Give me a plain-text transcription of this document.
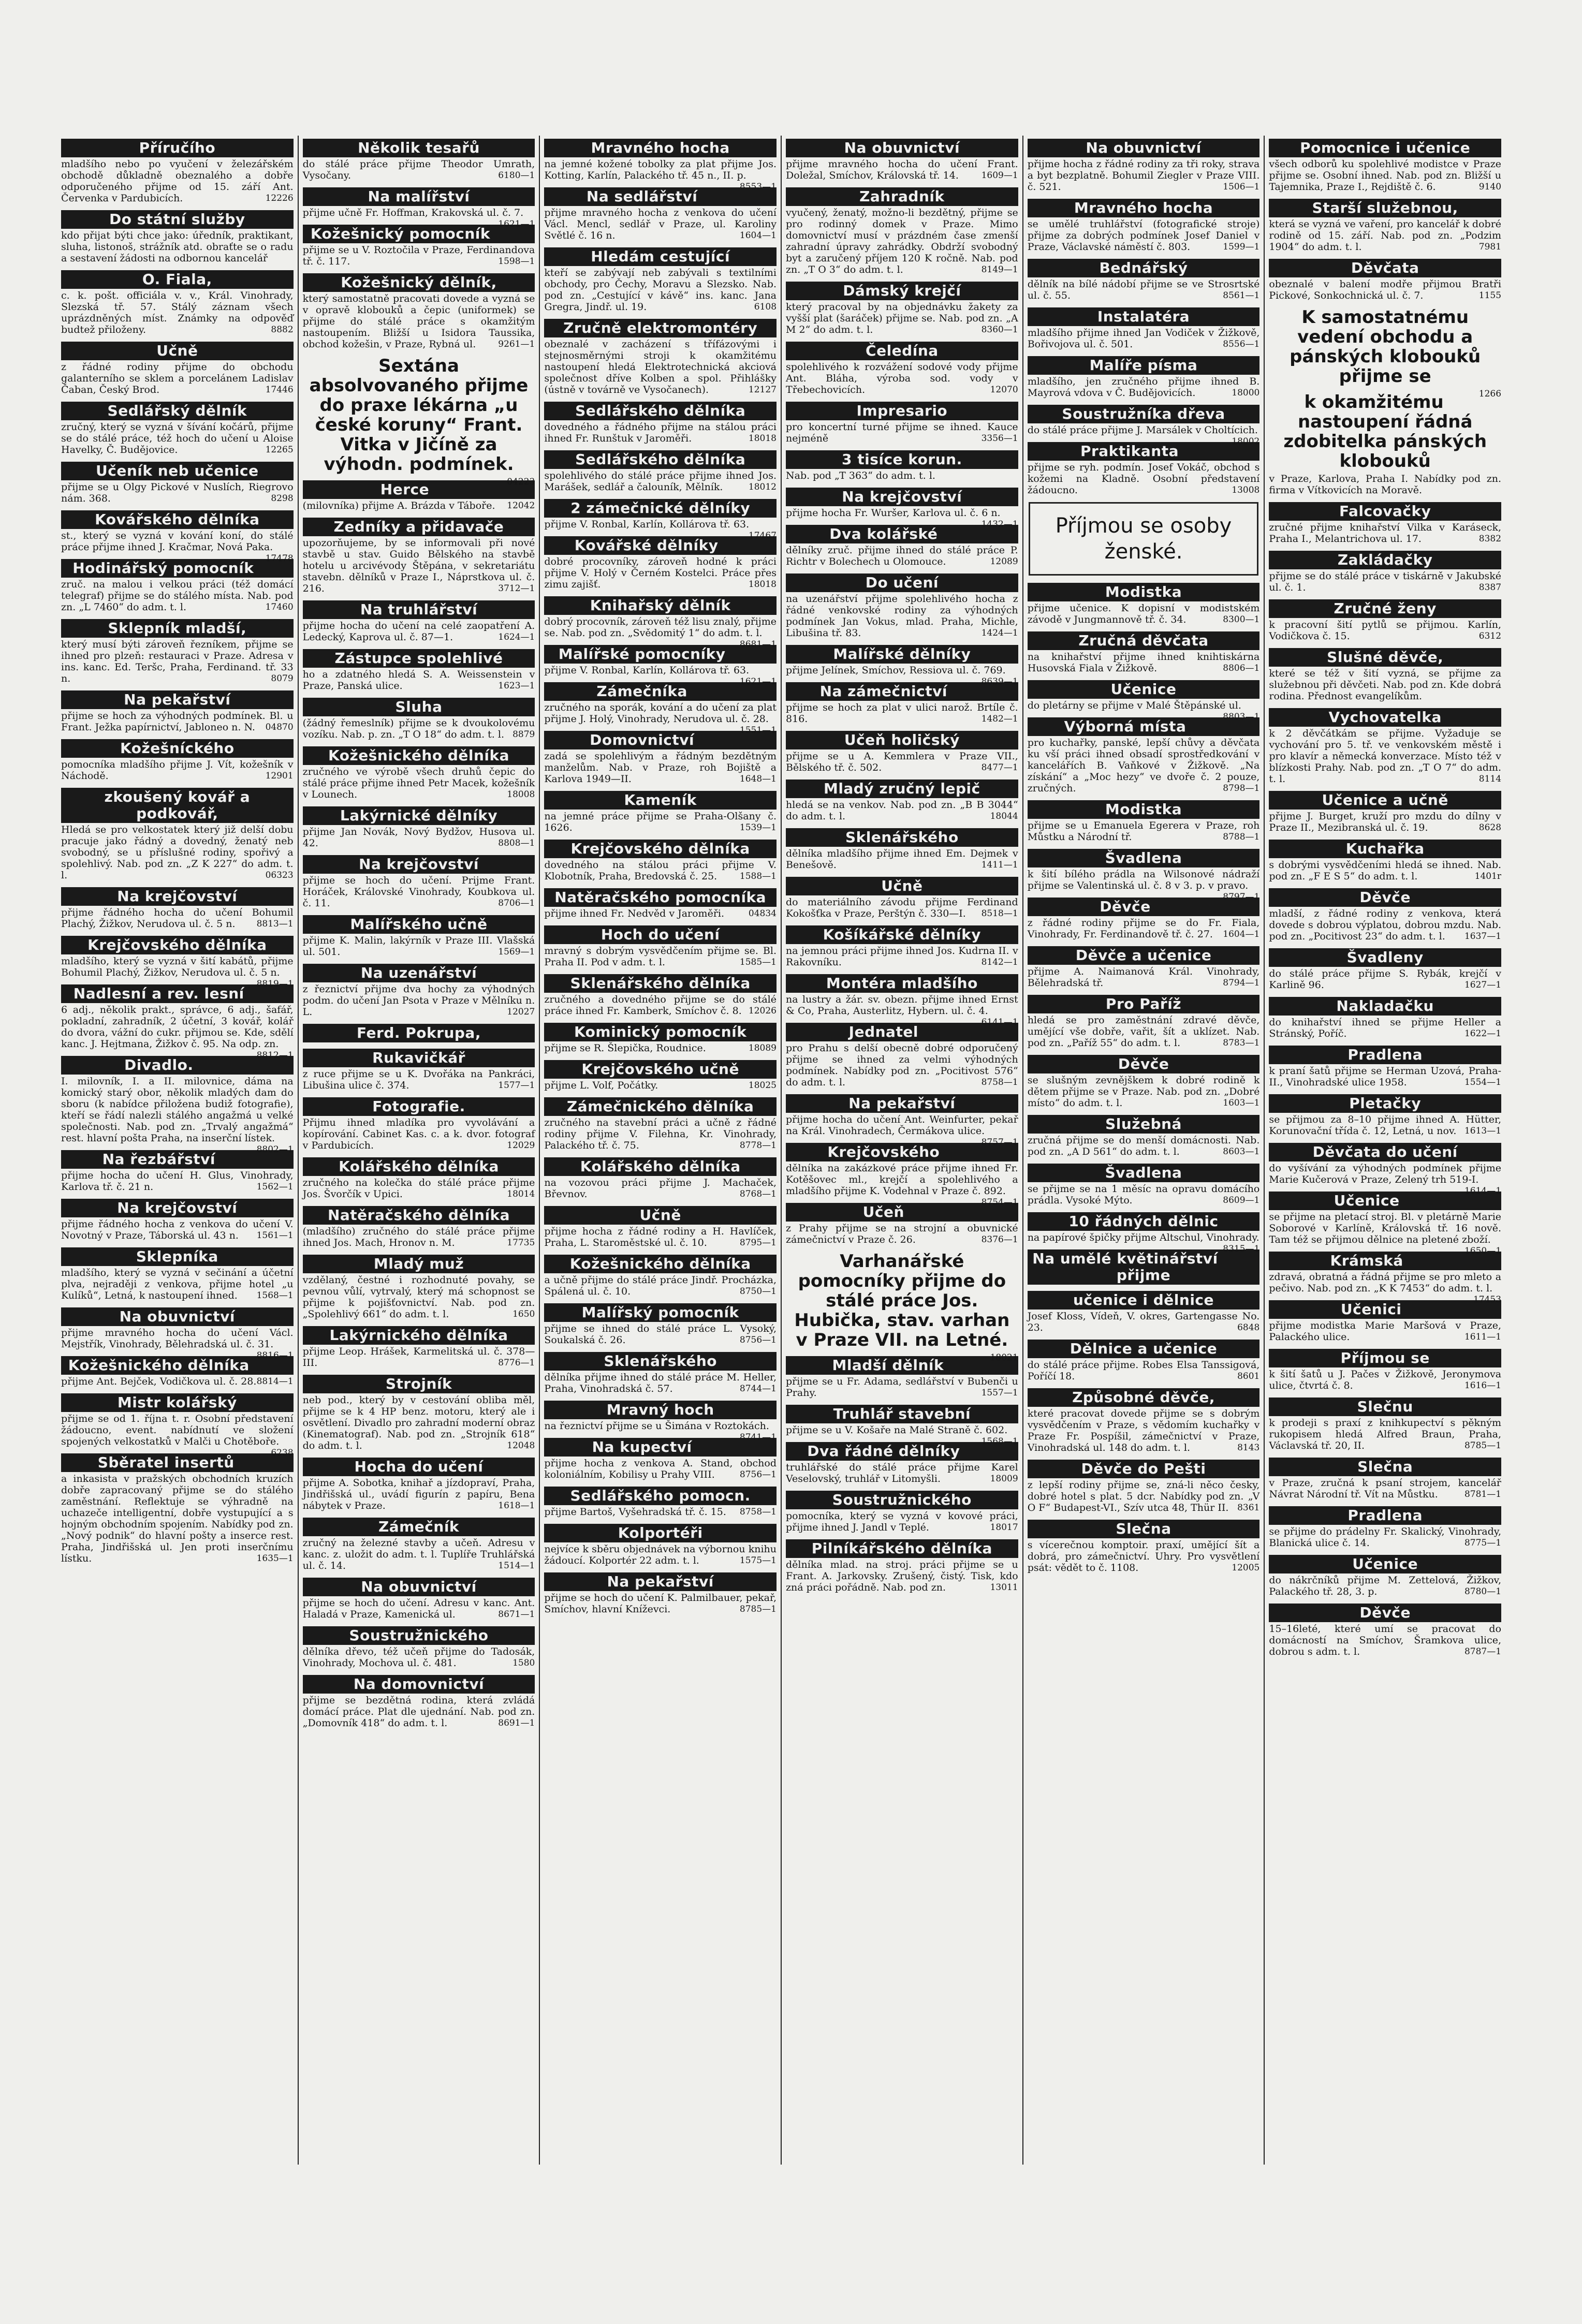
Příručího
mladšího nebo po vyučení v železářském obchodě důkladně obeznalého a dobře odporučeného přijme od 15. září Ant. Červenka v Pardubicích.	12226
Do státní služby
kdo přijat býti chce jako: úředník, praktikant, sluha, listonoš, strážník atd. obraťte se o radu a sestavení žádosti na odbornou kancelář
O. Fiala,
c. k. pošt. officiála v. v., Král. Vinohrady, Slezská tř. 57. Stálý záznam všech uprázdněných míst. Známky na odpověď budtež přiloženy.	8882
Učně
z řádné rodiny přijme do obchodu galanterního se sklem a porcelánem Ladislav Čaban, Český Brod.	17446
Sedlářský dělník
zručný, který se vyzná v šívání kočárů, přijme se do stálé práce, též hoch do učení u Aloise Havelky, Č. Budějovice.	12265
Učeník neb učenice
přijme se u Olgy Pickové v Nuslích, Riegrovo nám. 368.	8298
Kovářského dělníka
st., který se vyzná v kování koní, do stálé práce přijme ihned J. Kračmar, Nová Paka.
17478
Hodinářský pomocník
zruč. na malou i velkou práci (též domácí telegraf) přijme se do stálého místa. Nab. pod zn. „L 7460“ do adm. t. l.	17460
Sklepník mladší,
který musí býti zároveň řezníkem, přijme se ihned pro plzeň: restauraci v Praze. Adresa v ins. kanc. Ed. Teršc, Praha, Ferdinand. tř. 33 n.	8079
Na pekařství
přijme se hoch za výhodných podmínek. Bl. u Frant. Ježka papírnictví, Jabloneo n. N. 04870
Kožešníckého
pomocníka mladšího přijme J. Vít, kožešník v Náchodě.	12901
zkoušený kovář a podkovář,
Hledá se pro velkostatek který již delší dobu pracuje jako řádný a dovedný, ženatý neb svobodný, se u příslušné rodiny, spořivý a spolehlivý. Nab. pod zn. „Z K 227“ do adm. t. l.	06323
Na krejčovství
přijme řádného hocha do učení Bohumil Plachý, Žižkov, Nerudova ul. č. 5 n. 8813—1
Krejčovského dělníka
mladšího, který se vyzná v šití kabátů, přijme Bohumil Plachý, Žižkov, Nerudova ul. č. 5 n.
8819—1
Nadlesní a rev. lesní
6 adj., několik prakt., správce, 6 adj., šafář, pokladní, zahradník, 2 účetní, 3 kovář, kolář do dvora, vážní do cukr. přijmou se. Kde, sdělí kanc. J. Hejtmana, Žižkov č. 95. Na odp. zn.
8812—1
Divadlo.
I. milovník, I. a II. milovnice, dáma na komický starý obor, několik mladých dam do sboru (k nabídce přiložena budiž fotografie), kteří se řádí nalezli stálého angažmá u velké společnosti. Nab. pod zn. „Trvalý angažmá“ rest. hlavní pošta Praha, na inserční lístek.
8802—1
Na řezbářství
přijme hocha do učení H. Glus, Vinohrady, Karlova tř. č. 21 n.	1562—1
Na krejčovství
přijme řádného hocha z venkova do učení V. Novotný v Praze, Táborská ul. 43 n. 1561—1
Sklepníka
mladšího, který se vyzná v sečinání a účetní plva, nejraději z venkova, přijme hotel „u Kulíků“, Letná, k nastoupení ihned. 1568—1
Na obuvnictví
přijme mravného hocha do učení Václ. Mejstřík, Vinohrady, Bělehradská ul. č. 31.
8816—1
Kožešnického dělníka
přijme Ant. Bejček, Vodičkova ul. č. 28. 8814—1
Mistr kolářský
přijme se od 1. října t. r. Osobní představení žádoucno, event. nabídnutí ve složení spojených velkostatků v Malči u Chotěboře.
6238
Sběratel insertů
a inkasista v pražských obchodních kruzích dobře zapracovaný přijme se do stálého zaměstnání. Reflektuje se výhradně na uchazeče intelligentní, dobře vystupující a s hojným obchodním spojením. Nabídky pod zn. „Nový podnik“ do hlavní pošty a inserce rest. Praha, Jindřišská ul. Jen proti inserčnímu lístku.	1635—1
Několik tesařů
do stálé práce přijme Theodor Umrath, Vysočany.	6180—1
Na malířství
přijme učně Fr. Hoffman, Krakovská ul. č. 7.
1621—1
Kožešnický pomocník
přijme se u V. Roztočila v Praze, Ferdinandova tř. č. 117.	1598—1
Kožešnický dělník,
který samostatně pracovati dovede a vyzná se v opravě klobouků a čepic (uniformek) se přijme do stálé práce s okamžitým nastoupením. Bližší u Isidora Taussika, obchod kožešin, v Praze, Rybná ul.	9261—1
Sextána absolvovaného přijme do praxe lékárna „u české koruny“ Frant. Vitka v Jičíně za výhodn. podmínek.
04223
Herce
(milovníka) přijme A. Brázda v Táboře. 12042
Zedníky a přidavače
upozorňujeme, by se informovali při nové stavbě u stav. Guido Bělského na stavbě hotelu u arcivévody Štěpána, v sekretariátu stavebn. dělníků v Praze I., Náprstkova ul. č. 216.	3712—1
Na truhlářství
přijme hocha do učení na celé zaopatření A. Ledecký, Kaprova ul. č. 87—1.	1624—1
Zástupce spolehlivé
ho a zdatného hledá S. A. Weissenstein v Praze, Panská ulice.	1623—1
Sluha
(žádný řemeslník) přijme se k dvoukolovému vozíku. Nab. p. zn. „T O 18“ do adm. t. l. 8879
Kožešnického dělníka
zručného ve výrobě všech druhů čepic do stálé práce přijme ihned Petr Macek, kožešník v Lounech.	18008
Lakýrnické dělníky
přijme Jan Novák, Nový Bydžov, Husova ul. 42.	8808—1
Na krejčovství
přijme se hoch do učení. Prijme Frant. Horáček, Královské Vinohrady, Koubkova ul. č. 11.	8706—1
Malířského učně
přijme K. Malin, lakýrník v Praze III. Vlašská ul. 501.	1569—1
Na uzenářství
z řeznictví přijme dva hochy za výhodných podm. do učení Jan Psota v Praze v Mělníku n. L.	12027
Ferd. Pokrupa,
Rukavičkář
z ruce přijme se u K. Dvořáka na Pankráci, Libušina ulice č. 374.	1577—1
Fotografie.
Přijmu ihned mladíka pro vyvolávání a kopírování. Cabinet Kas. c. a k. dvor. fotograf v Pardubicích.	12029
Kolářského dělníka
zručného na kolečka do stálé práce přijme Jos. Švorčík v Upici.	18014
Natěračského dělníka
(mladšího) zručného do stálé práce přijme ihned Jos. Mach, Hronov n. M.	17735
Mladý muž
vzdělaný, čestné i rozhodnuté povahy, se pevnou vůlí, vytrvalý, který má schopnost se přijme k pojišťovnictví. Nab. pod zn. „Spolehlivý 661“ do adm. t. l.	1650
Lakýrnického dělníka
přijme Leop. Hrášek, Karmelitská ul. č. 378—III.	8776—1
Strojník
neb pod., který by v cestování obliba měl, přijme se k 4 HP benz. motoru, který ale i osvětlení. Divadlo pro zahradní moderní obraz (Kinematograf). Nab. pod zn. „Strojník 618“ do adm. t. l.	12048
Hocha do učení
přijme A. Sobotka, knihař a jízdopraví, Praha, Jindřišská ul., uvádí figurín z papíru, Bena nábytek v Praze.	1618—1
Zámečník
zručný na železné stavby a učeň. Adresu v kanc. z. uložit do adm. t. l. Tuplíře Truhlářská ul. č. 14.	1514—1
Na obuvnictví
přijme se hoch do učení. Adresu v kanc. Ant. Haladá v Praze, Kamenická ul.	8671—1
Soustružnického
dělníka dřevo, též učeň přijme do Tadosák, Vinohrady, Mochova ul. č. 481.	1580
Na domovnictví
přijme se bezdětná rodina, která zvládá domácí práce. Plat dle ujednání. Nab. pod zn. „Domovník 418“ do adm. t. l.	8691—1
Mravného hocha
na jemné kožené tobolky za plat přijme Jos. Kotting, Karlín, Palackého tř. 45 n., II. p.
8553—1
Na sedlářství
přijme mravného hocha z venkova do učení Václ. Mencl, sedlář v Praze, ul. Karoliny Světlé č. 16 n.	1604—1
Hledám cestující
kteří se zabývají neb zabývali s textilními obchody, pro Čechy, Moravu a Slezsko. Nab. pod zn. „Cestující v kávě“ ins. kanc. Jana Gregra, Jindř. ul. 19.	6108
Zručně elektromontéry
obeznalé v zacházení s třífázovými i stejnosměrnými stroji k okamžitému nastoupení hledá Elektrotechnická akciová společnost dříve Kolben a spol. Přihlášky (ústně v továrně ve Vysočanech).	12127
Sedlářského dělníka
dovedného a řádného přijme na stálou práci ihned Fr. Runštuk v Jaroměři.	18018
Sedlářského dělníka
spolehlivého do stálé práce přijme ihned Jos. Marášek, sedlář a čalouník, Mělník.	18012
2 zámečnické dělníky
přijme V. Ronbal, Karlín, Kollárova tř. 63.
17467
Kovářské dělníky
dobré procovníky, zároveň hodné k práci přijme V. Holý v Černém Kostelci. Práce přes zimu zajišť.	18018
Knihařský dělník
dobrý procovník, zároveň též lisu znalý, přijme se. Nab. pod zn. „Svědomitý 1“ do adm. t. l.
8681—1
Malířské pomocníky
přijme V. Ronbal, Karlín, Kollárova tř. 63.
1621—1
Zámečníka
zručného na sporák, kování a do učení za plat přijme J. Holý, Vinohrady, Nerudova ul. č. 28.
1551—1
Domovnictví
zadá se spolehlivým a řádným bezdětným manželům. Nab. v Praze, roh Bojiště a Karlova 1949—II.	1648—1
Kameník
na jemné práce přijme se Praha-Olšany č. 1626.	1539—1
Krejčovského dělníka
dovedného na stálou práci přijme V. Klobotník, Praha, Bredovská č. 25.	1588—1
Natěračského pomocníka
přijme ihned Fr. Nedvěd v Jaroměři.	04834
Hoch do učení
mravný s dobrým vysvědčením přijme se. Bl. Praha II. Pod v adm. t. l.	1585—1
Sklenářského dělníka
zručného a dovedného přijme se do stálé práce ihned Fr. Kamberk, Smíchov č. 8. 12026
Kominický pomocník
přijme se R. Šlepička, Roudnice.	18089
Krejčovského učně
přijme L. Volf, Počátky.	18025
Zámečnického dělníka
zručného na stavební práci a učně z řádné rodiny přijme V. Filehna, Kr. Vinohrady, Palackého tř. č. 75.	8778—1
Kolářského dělníka
na vozovou práci přijme J. Machaček, Břevnov.	8768—1
Učně
přijme hocha z řádné rodiny a H. Havlíček, Praha, L. Staroměstské ul. č. 10.	8795—1
Kožešnického dělníka
a učně přijme do stálé práce Jindř. Procházka, Spálená ul. č. 10.	8750—1
Malířský pomocník
přijme se ihned do stálé práce L. Vysoký, Soukalská č. 26.	8756—1
Sklenářského
dělníka přijme ihned do stálé práce M. Heller, Praha, Vinohradská č. 57.	8744—1
Mravný hoch
na řeznictví přijme se u Šimána v Roztokách.
8741—1
Na kupectví
přijme hocha z venkova A. Stand, obchod koloniálním, Kobilisy u Prahy VIII.	8756—1
Sedlářského pomocn.
přijme Bartoš, Vyšehradská tř. č. 15. 8758—1
Kolportéři
nejvíce k sběru objednávek na výbornou knihu žádoucí. Kolportér 22 adm. t. l.	1575—1
Na pekařství
přijme se hoch do učení K. Palmilbauer, pekař, Smíchov, hlavní Kníževci.	8785—1
Na obuvnictví
přijme mravného hocha do učení Frant. Doležal, Smíchov, Královská tř. 14.	1609—1
Zahradník
vyučený, ženatý, možno-li bezdětný, přijme se pro rodinný domek v Praze. Mimo domovnictví musí v prázdném čase zmenší zahradní úpravy zahrádky. Obdrží svobodný byt a zaručený příjem 120 K ročně. Nab. pod zn. „T O 3“ do adm. t. l.	8149—1
Dámský krejčí
který pracoval by na objednávku žakety za vyšší plat (šaráček) přijme se. Nab. pod zn. „A M 2“ do adm. t. l.	8360—1
Čeledína
spolehlivého k rozvážení sodové vody přijme Ant. Bláha, výroba sod. vody v Třebechovicích.	12070
Impresario
pro koncertní turné přijme se ihned. Kauce nejméně	3356—1
3 tisíce korun.
Nab. pod „T 363“ do adm. t. l.
Na krejčovství
přijme hocha Fr. Wuršer, Karlova ul. č. 6 n.
1432—1
Dva kolářské
dělníky zruč. přijme ihned do stálé práce P. Richtr v Bolechech u Olomouce.	12089
Do učení
na uzenářství přijme spolehlivého hocha z řádné venkovské rodiny za výhodných podmínek Jan Vokus, mlad. Praha, Michle, Libušina tř. 83.	1424—1
Malířské dělníky
přijme Jelínek, Smíchov, Ressiova ul. č. 769.
8639—1
Na zámečnictví
přijme se hoch za plat v ulici narož. Brtíle č. 816.	1482—1
Učeň holičský
přijme se u A. Kemmlera v Praze VII., Bělského tř. č. 502.	8477—1
Mladý zručný lepič
hledá se na venkov. Nab. pod zn. „B B 3044“ do adm. t. l.	18044
Sklenářského
dělníka mladšího přijme ihned Em. Dejmek v Benešově.	1411—1
Učně
do materiálního závodu přijme Ferdinand Kokošťka v Praze, Perštýn č. 330—I. 8518—1
Košíkářské dělníky
na jemnou práci přijme ihned Jos. Kudrna II. v Rakovníku.	8142—1
Montéra mladšího
na lustry a žár. sv. obezn. přijme ihned Ernst & Co, Praha, Austerlitz, Hybern. ul. č. 4.
6141—1
Jednatel
pro Prahu s delší obecně dobré odporučený přijme se ihned za velmi výhodných podmínek. Nabídky pod zn. „Pocitivost 576“ do adm. t. l.	8758—1
Na pekařství
přijme hocha do učení Ant. Weinfurter, pekař na Král. Vinohradech, Čermákova ulice.
8757—1
Krejčovského
dělníka na zakázkové práce přijme ihned Fr. Kotěšovec ml., krejčí a spolehlivého a mladšího přijme K. Vodehnal v Praze č. 892.
8754—1
Učeň
z Prahy přijme se na strojní a obuvnické zámečnictví v Praze č. 26.	8376—1
Varhanářské pomocníky přijme do stálé práce Jos. Hubička, stav. varhan v Praze VII. na Letné.
18021
Mladší dělník
přijme se u Fr. Adama, sedlářství v Bubenči u Prahy.	1557—1
Truhlář stavební
přijme se u V. Košaře na Malé Straně č. 602.
1568—1
Dva řádné dělníky
truhlářské do stálé práce přijme Karel Veselovský, truhlář v Litomyšli.	18009
Soustružnického
pomocníka, který se vyzná v kovové práci, přijme ihned J. Jandl v Teplé.	18017
Pilníkářského dělníka
dělníka mlad. na stroj. práci přijme se u Frant. A. Jarkovsky. Zrušený, čistý. Tisk, kdo zná práci pořádně. Nab. pod zn.	13011
Na obuvnictví
přijme hocha z řádné rodiny za tři roky, strava a byt bezplatně. Bohumil Ziegler v Praze VIII. č. 521.	1506—1
Mravného hocha
se umělé truhlářství (fotografické stroje) přijme za dobrých podmínek Josef Daniel v Praze, Václavské náměstí č. 803.	1599—1
Bednářský
dělník na bílé nádobí přijme se ve Strosrtské ul. č. 55.	8561—1
Instalatéra
mladšího přijme ihned Jan Vodiček v Žižkově, Bořivojova ul. č. 501.	8556—1
Malíře písma
mladšího, jen zručného přijme ihned B. Mayrová vdova v Č. Budějovicích.	18000
Soustružníka dřeva
do stálé práce přijme J. Marsálek v Choltícich.
18002
Praktikanta
přijme se ryh. podmín. Josef Vokáč, obchod s kožemi na Kladně. Osobní představení žádoucno.	13008
Příjmou se osoby ženské.
Modistka
přijme učenice. K dopisní v modistském závodě v Jungmannově tř. č. 34.	8300—1
Zručná děvčata
na knihařství přijme ihned knihtiskárna Husovská Fiala v Žižkově.	8806—1
Učenice
do pletárny se přijme v Malé Štěpánské ul.
8803—1
Výborná místa
pro kuchařky, panské, lepší chůvy a děvčata ku vší práci ihned obsadí sprostředkování v kancelářích B. Vaňkové v Žižkově. „Na získání“ a „Moc hezy“ ve dvoře č. 2 pouze, zručných.	8798—1
Modistka
přijme se u Emanuela Egerera v Praze, roh Můstku a Národní tř.	8788—1
Švadlena
k šití bílého prádla na Wilsonové nádraží přijme se Valentinská ul. č. 8 v 3. p. v pravo.
8797—1
Děvče
z řádné rodiny přijme se do Fr. Fiala, Vinohrady, Fr. Ferdinandově tř. č. 27. 1604—1
Děvče a učenice
přijme A. Naimanová Král. Vinohrady, Bělehradská tř.	8794—1
Pro Paříž
hledá se pro zaměstnání zdravé děvče, umějící vše dobře, vařit, šít a uklízet. Nab. pod zn. „Paříž 55“ do adm. t. l.	8783—1
Děvče
se slušným zevnějškem k dobré rodině k dětem přijme se v Praze. Nab. pod zn. „Dobré místo“ do adm. t. l.	1603—1
Služebná
zručná přijme se do menší domácnosti. Nab. pod zn. „A D 561“ do adm. t. l.	8603—1
Švadlena
se přijme se na 1 měsíc na opravu domácího prádla. Vysoké Mýto.	8609—1
10 řádných dělnic
na papírové špičky přijme Altschul, Vinohrady.
8315—1
Na umělé květinářství přijme
učenice i dělnice
Josef Kloss, Vídeň, V. okres, Gartengasse No. 23.	6848
Dělnice a učenice
do stálé práce přijme. Robes Elsa Tanssigová, Poříčí 18.	8601
Způsobné děvče,
které pracovat dovede přijme se s dobrým vysvědčením v Praze, s vědomím kuchařky v Praze Fr. Pospíšil, zámečnictví v Praze, Vinohradská ul. 148 do adm. t. l.	8143
Děvče do Pešti
z lepší rodiny přijme se, zná-li něco česky, dobré hotel s plat. 5 dcr. Nabídky pod zn. „V O F“ Budapest-VI., Szív utca 48, Thür II. 8361
Slečna
s vícerečnou komptoir. praxí, umějící šít a dobrá, pro zámečnictví. Uhry. Pro vysvětlení psát: vědět to č. 1108.	12005
Pomocnice i učenice
všech odborů ku spolehlivé modistce v Praze přijme se. Osobní ihned. Nab. pod zn. Bližší u Tajemnika, Praze I., Rejdiště č. 6.	9140
Starší služebnou,
která se vyzná ve vaření, pro kancelář k dobré rodině od 15. září. Nab. pod zn. „Podzim 1904“ do adm. t. l.	7981
Děvčata
obeznalé v balení modře přijmou Bratři Pickové, Sonkochnická ul. č. 7.	1155
K samostatnému vedení obchodu a pánských klobouků přijme se
1266
k okamžitému nastoupení řádná zdobitelka pánských klobouků
v Praze, Karlova, Praha I. Nabídky pod zn. firma v Vítkovicích na Moravě.
Falcovačky
zručné přijme knihařství Vilka v Karáseck, Praha I., Melantrichova ul. 17.	8382
Zakládačky
přijme se do stálé práce v tiskárně v Jakubské ul. č. 1.	8387
Zručné ženy
k pracovní šití pytlů se přijmou. Karlín, Vodičkova č. 15.	6312
Slušné děvče,
které se též v šití vyzná, se přijme za služebnou při děvčeti. Nab. pod zn. Kde dobrá rodina. Přednost evangelíkům.
Vychovatelka
k 2 děvčátkám se přijme. Vyžaduje se vychování pro 5. tř. ve venkovském městě i pro klavír a německá konverzace. Místo též v blízkosti Prahy. Nab. pod zn. „T O 7“ do adm. t. l.	8114
Učenice a učně
přijme J. Burget, kruží pro mzdu do dílny v Praze II., Mezibranská ul. č. 19.	8628
Kuchařka
s dobrými vysvědčeními hledá se ihned. Nab. pod zn. „F E S 5“ do adm. t. l.	1401r
Děvče
mladší, z řádné rodiny z venkova, která dovede s dobrou výplatou, dobrou mzdu. Nab. pod zn. „Pocitivost 23“ do adm. t. l. 1637—1
Švadleny
do stálé práce přijme S. Rybák, krejčí v Karlině 96.	1627—1
Nakladačku
do knihařství ihned se přijme Heller a Stránský, Poříč.	1622—1
Pradlena
k praní šatů přijme se Herman Uzová, Praha-II., Vinohradské ulice 1958.	1554—1
Pletačky
se přijmou za 8–10 přijme ihned A. Hütter, Korunovační třída č. 12, Letná, u nov. 1613—1
Děvčata do učení
do vyšívání za výhodných podmínek přijme Marie Kučerová v Praze, Zelený trh 519-I.
1614—1
Učenice
se přijme na pletací stroj. Bl. v pletárně Marie Soborové v Karlíně, Královská tř. 16 nově. Tam též se přijmou dělnice na pletené zboží.
1650—1
Krámská
zdravá, obratná a řádná přijme se pro mleto a pečivo. Nab. pod zn. „K K 7453“ do adm. t. l.
17453
Učenici
přijme modistka Marie Maršová v Praze, Palackého ulice.	1611—1
Příjmou se
k šití šatů u J. Pačes v Žižkově, Jeronymova ulice, čtvrtá č. 8.	1616—1
Slečnu
k prodeji s praxí z knihkupectví s pěkným rukopisem hledá Alfred Braun, Praha, Václavská tř. 20, II.	8785—1
Slečna
v Praze, zručná k psaní strojem, kancelář Návrat Národní tř. Vít na Můstku.	8781—1
Pradlena
se přijme do prádelny Fr. Skalický, Vinohrady, Blanická ulice č. 14.	8775—1
Učenice
do nákrčníků přijme M. Zettelová, Žižkov, Palackého tř. 28, 3. p.	8780—1
Děvče
15–16leté, které umí se pracovat do domácností na Smíchov, Šramkova ulice, dobrou s adm. t. l.	8787—1
